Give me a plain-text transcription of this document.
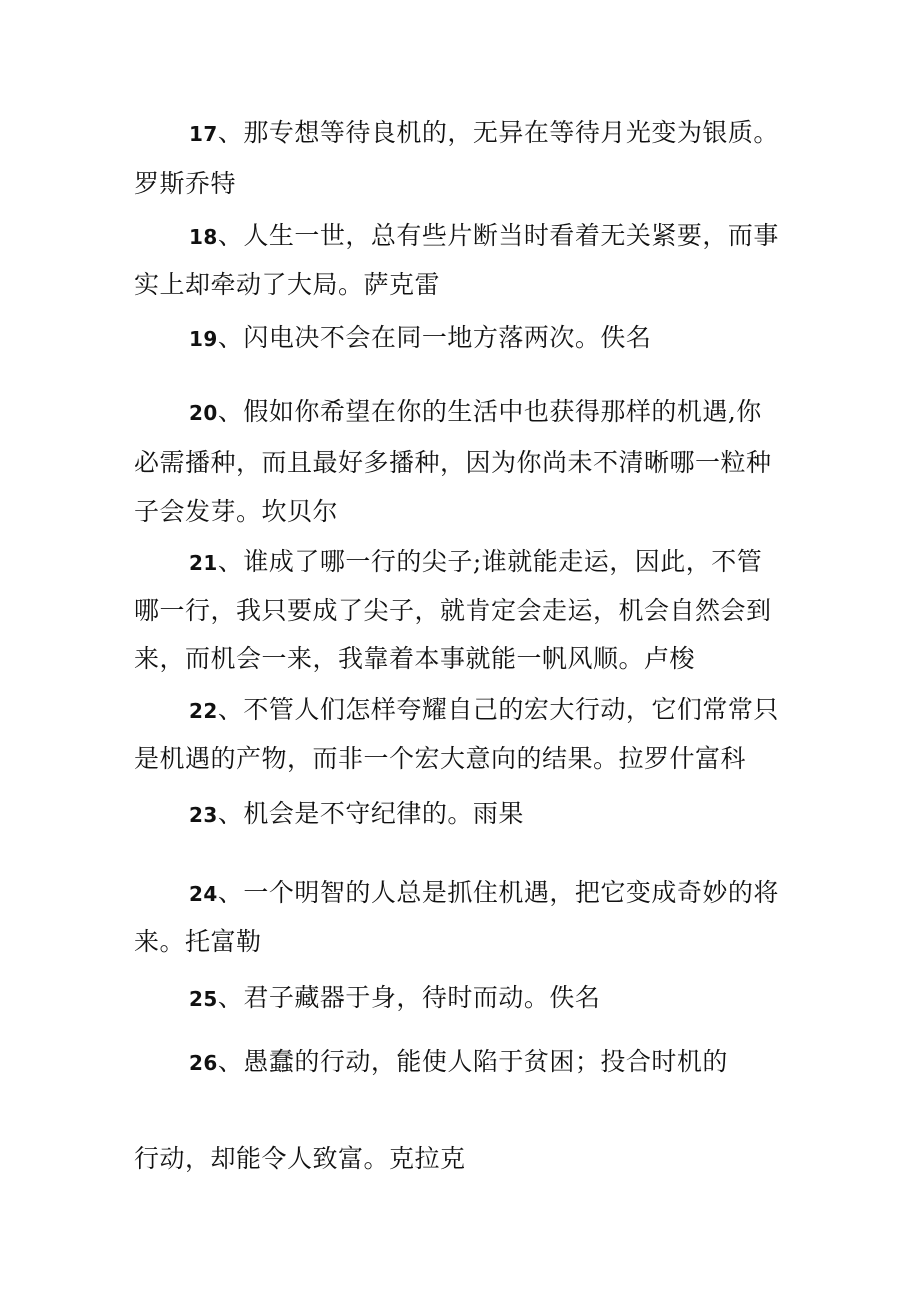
17、那专想等待良机的，无异在等待月光变为银质。
罗斯乔特
18、人生一世，总有些片断当时看着无关紧要，而事
实上却牵动了大局。萨克雷
19、闪电决不会在同一地方落两次。佚名
20、假如你希望在你的生活中也获得那样的机遇,你
必需播种，而且最好多播种，因为你尚未不清晰哪一粒种
子会发芽。坎贝尔
21、谁成了哪一行的尖子;谁就能走运，因此，不管
哪一行，我只要成了尖子，就肯定会走运，机会自然会到
来，而机会一来，我靠着本事就能一帆风顺。卢梭
22、不管人们怎样夸耀自己的宏大行动，它们常常只
是机遇的产物，而非一个宏大意向的结果。拉罗什富科
23、机会是不守纪律的。雨果
24、一个明智的人总是抓住机遇，把它变成奇妙的将
来。托富勒
25、君子藏器于身，待时而动。佚名
26、愚蠢的行动，能使人陷于贫困；投合时机的
行动，却能令人致富。克拉克
